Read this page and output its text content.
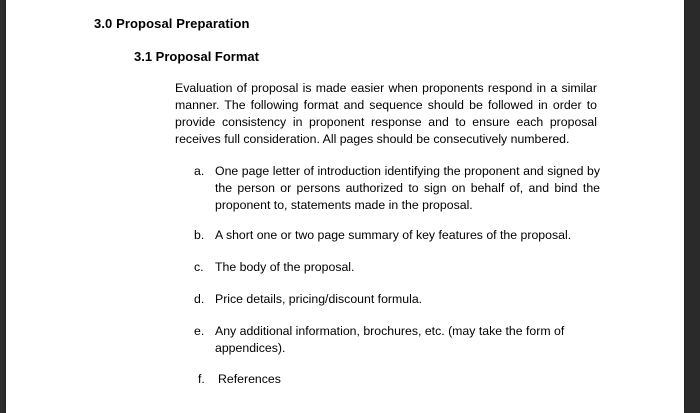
3.0 Proposal Preparation
3.1 Proposal Format
Evaluation of proposal is made easier when proponents respond in a similar manner. The following format and sequence should be followed in order to provide consistency in proponent response and to ensure each proposal receives full consideration. All pages should be consecutively numbered.
a. One page letter of introduction identifying the proponent and signed by the person or persons authorized to sign on behalf of, and bind the proponent to, statements made in the proposal.
b. A short one or two page summary of key features of the proposal.
c. The body of the proposal.
d. Price details, pricing/discount formula.
e. Any additional information, brochures, etc. (may take the form of appendices).
f.	References
